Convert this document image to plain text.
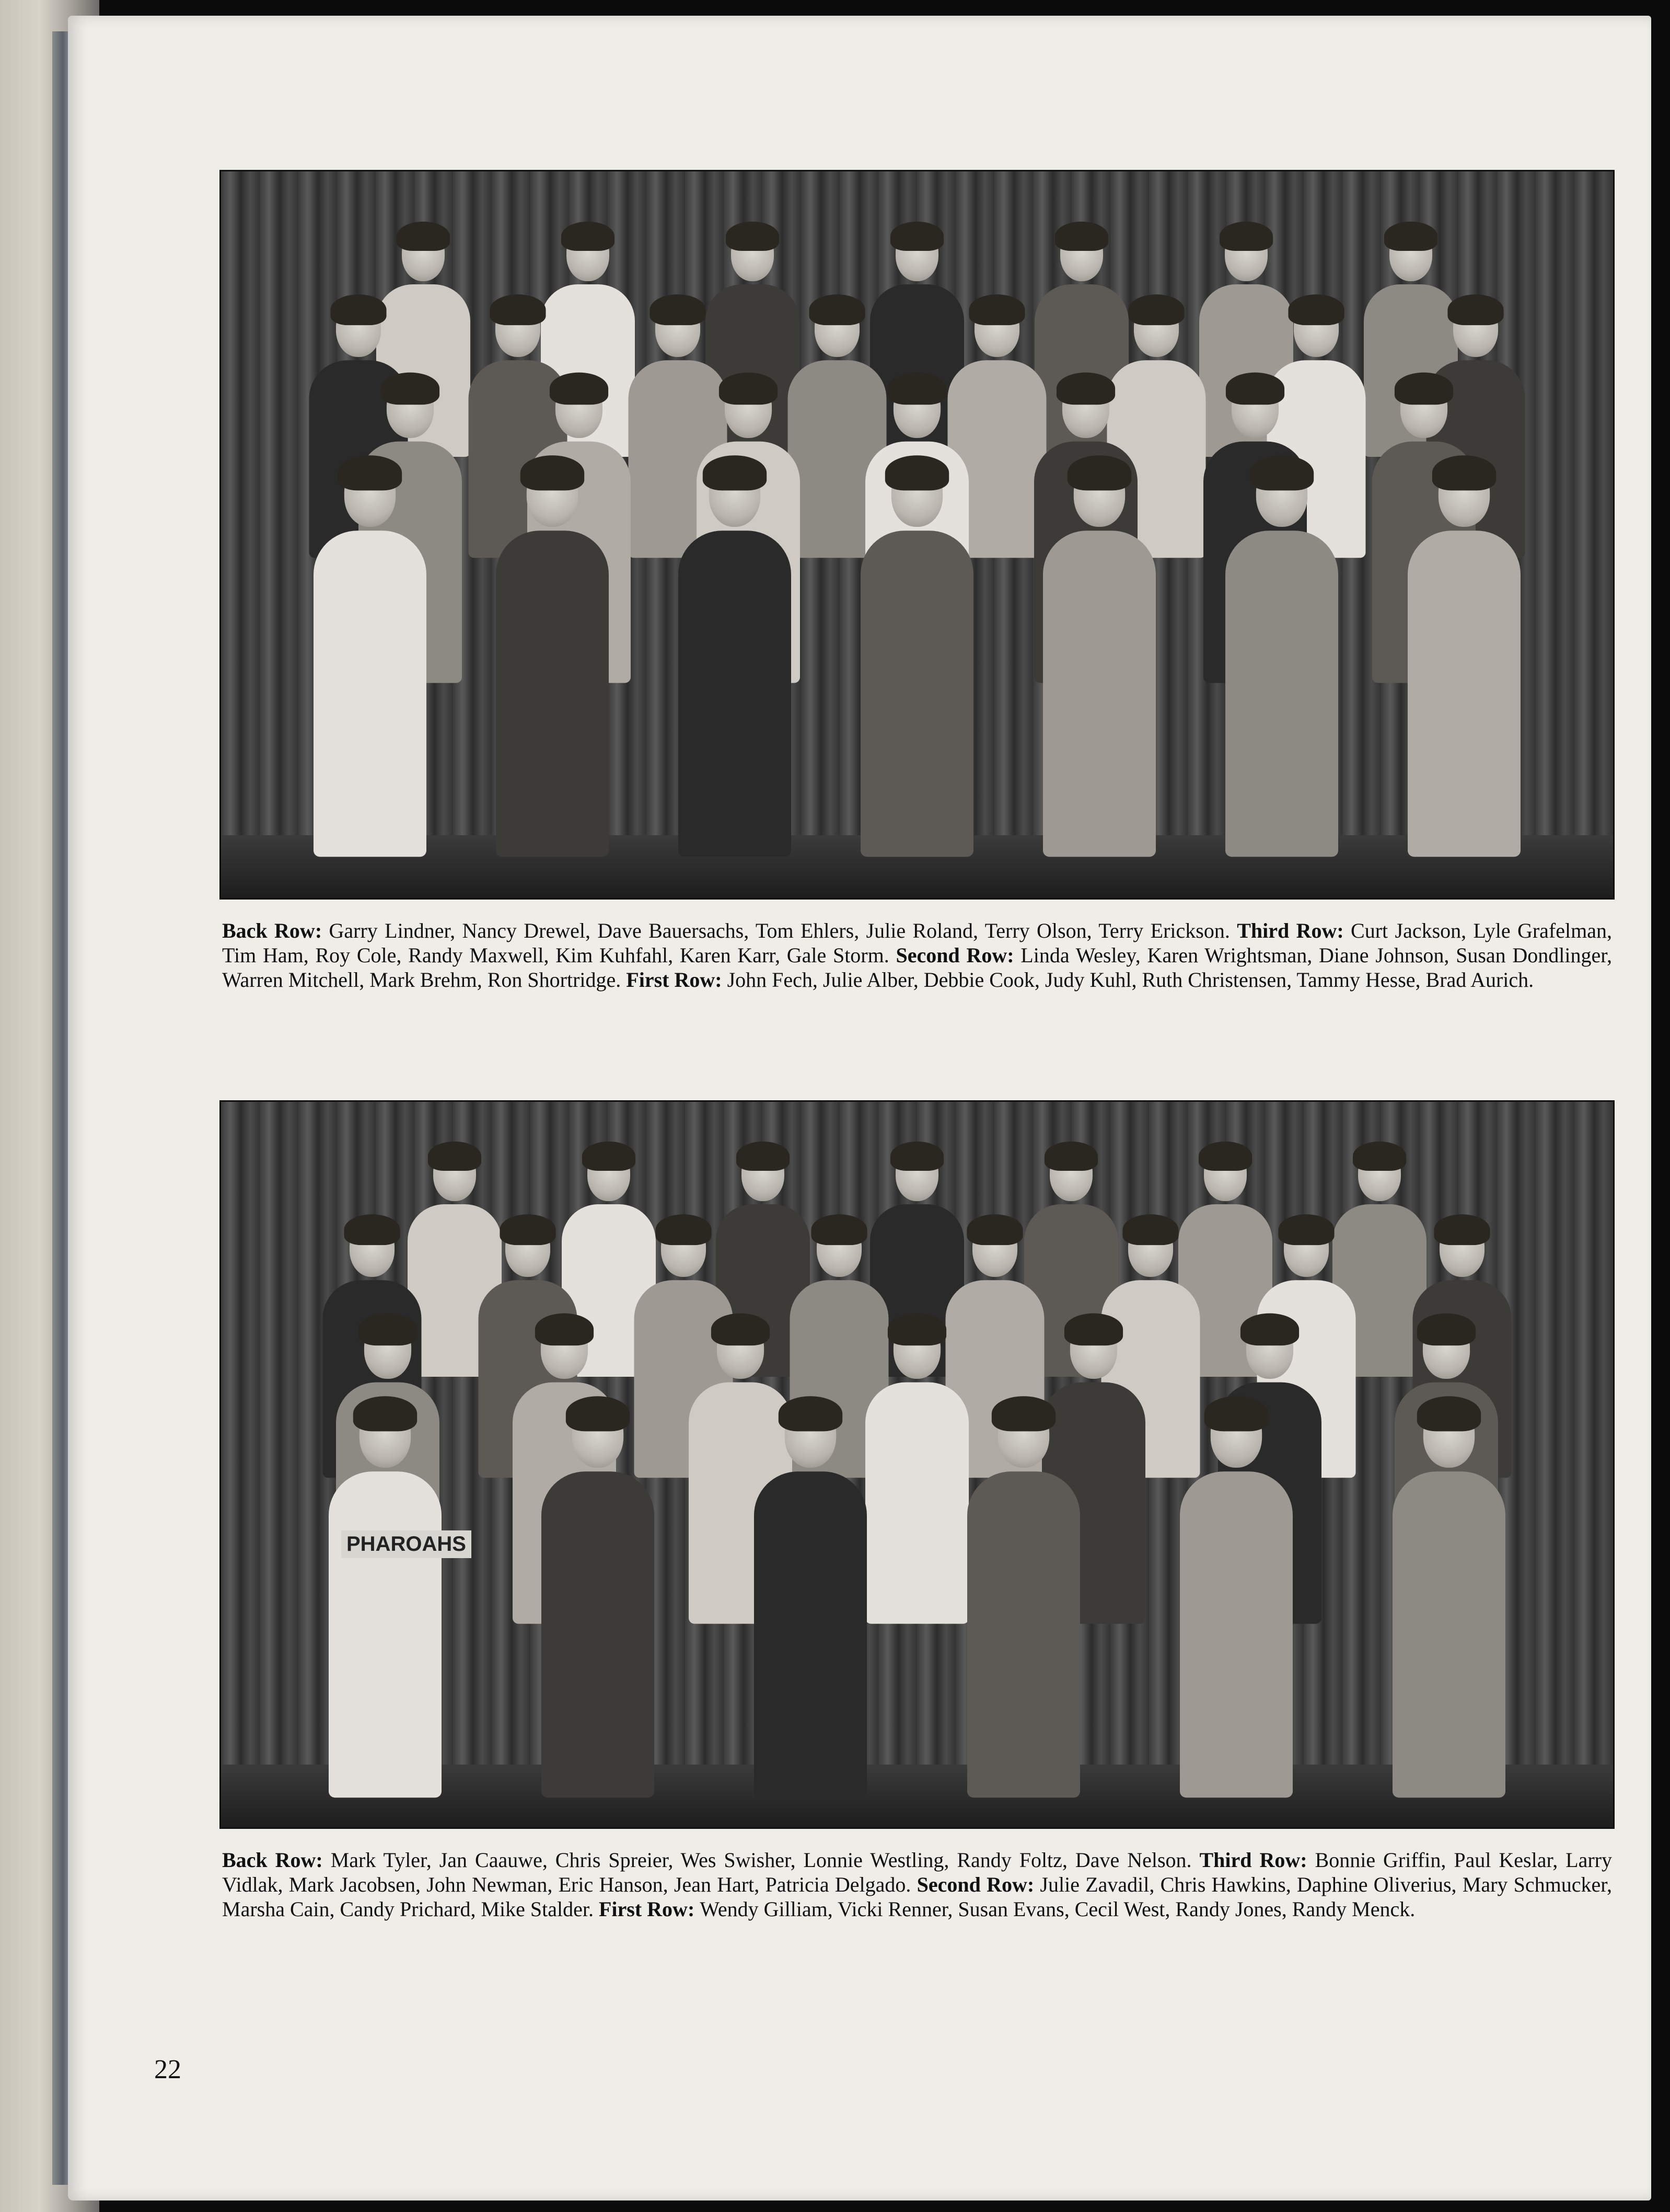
Back Row: Garry Lindner, Nancy Drewel, Dave Bauersachs, Tom Ehlers, Julie Roland, Terry Olson, Terry Erickson. Third Row: Curt Jackson, Lyle Grafelman, Tim Ham, Roy Cole, Randy Maxwell, Kim Kuhfahl, Karen Karr, Gale Storm. Second Row: Linda Wesley, Karen Wrightsman, Diane Johnson, Susan Dondlinger, Warren Mitchell, Mark Brehm, Ron Shortridge. First Row: John Fech, Julie Alber, Debbie Cook, Judy Kuhl, Ruth Christensen, Tammy Hesse, Brad Aurich.
PHAROAHS
Back Row: Mark Tyler, Jan Caauwe, Chris Spreier, Wes Swisher, Lonnie Westling, Randy Foltz, Dave Nelson. Third Row: Bonnie Griffin, Paul Keslar, Larry Vidlak, Mark Jacobsen, John Newman, Eric Hanson, Jean Hart, Patricia Delgado. Second Row: Julie Zavadil, Chris Hawkins, Daphine Oliverius, Mary Schmucker, Marsha Cain, Candy Prichard, Mike Stalder. First Row: Wendy Gilliam, Vicki Renner, Susan Evans, Cecil West, Randy Jones, Randy Menck.
22
